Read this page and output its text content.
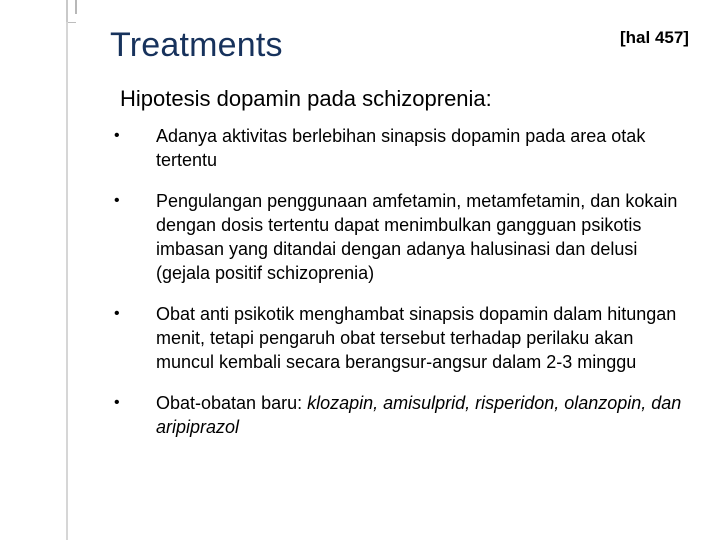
Treatments	[hal 457]
Hipotesis dopamin pada schizoprenia:
• Adanya aktivitas berlebihan sinapsis dopamin pada area otak tertentu
• Pengulangan penggunaan amfetamin, metamfetamin, dan kokain dengan dosis tertentu dapat menimbulkan gangguan psikotis imbasan yang ditandai dengan adanya halusinasi dan delusi (gejala positif schizoprenia)
• Obat anti psikotik menghambat sinapsis dopamin dalam hitungan menit, tetapi pengaruh obat tersebut terhadap perilaku akan muncul kembali secara berangsur-angsur dalam 2-3 minggu
• Obat-obatan baru: klozapin, amisulprid, risperidon, olanzopin, dan aripiprazol
